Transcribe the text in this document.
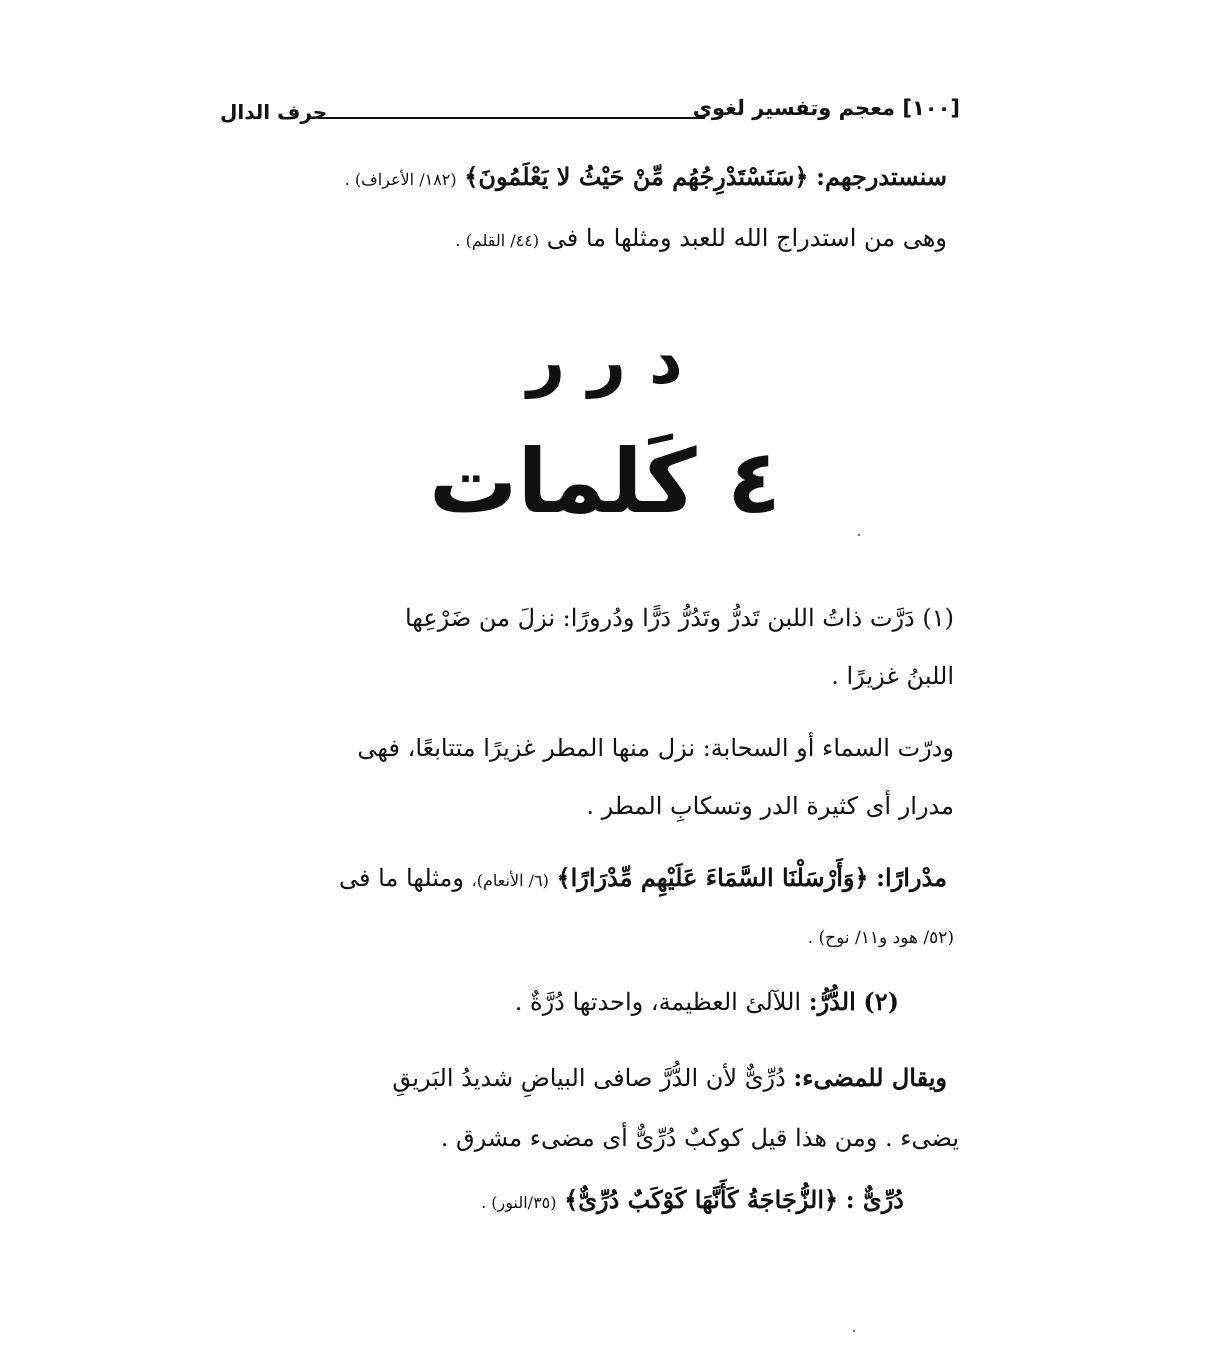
[١٠٠] معجم وتفسير لغوى
حرف الدال
سنستدرجهم: ﴿سَنَسْتَدْرِجُهُم مِّنْ حَيْثُ لا يَعْلَمُونَ﴾ (١٨٢/ الأعراف) .
وهى من استدراج الله للعبد ومثلها ما فى (٤٤/ القلم) .
د ر ر
٤ كَلمات
(١) دَرَّت ذاتُ اللبن تَدرُّ وتَدُرُّ دَرًّا ودُرورًا: نزلَ من ضَرْعِها
اللبنُ غزيرًا .
ودرّت السماء أو السحابة: نزل منها المطر غزيرًا متتابعًا، فهى
مدرار أى كثيرة الدر وتسكابِ المطر .
مدْرارًا: ﴿وَأَرْسَلْنَا السَّمَاءَ عَلَيْهِم مِّدْرَارًا﴾ (٦/ الأنعام)، ومثلها ما فى
(٥٢/ هود و١١/ نوح) .
(٢) الدُّرُّ: اللآلئ العظيمة، واحدتها دُرَّةٌ .
ويقال للمضىء: دُرِّىٌّ لأن الدُّرَّ صافى البياضِ شديدُ البَريقِ
يضىء . ومن هذا قيل كوكبٌ دُرِّىٌّ أى مضىء مشرق .
دُرِّىٌّ : ﴿الزُّجَاجَةُ كَأَنَّهَا كَوْكَبٌ دُرِّىٌّ﴾ (٣٥/النور) .
